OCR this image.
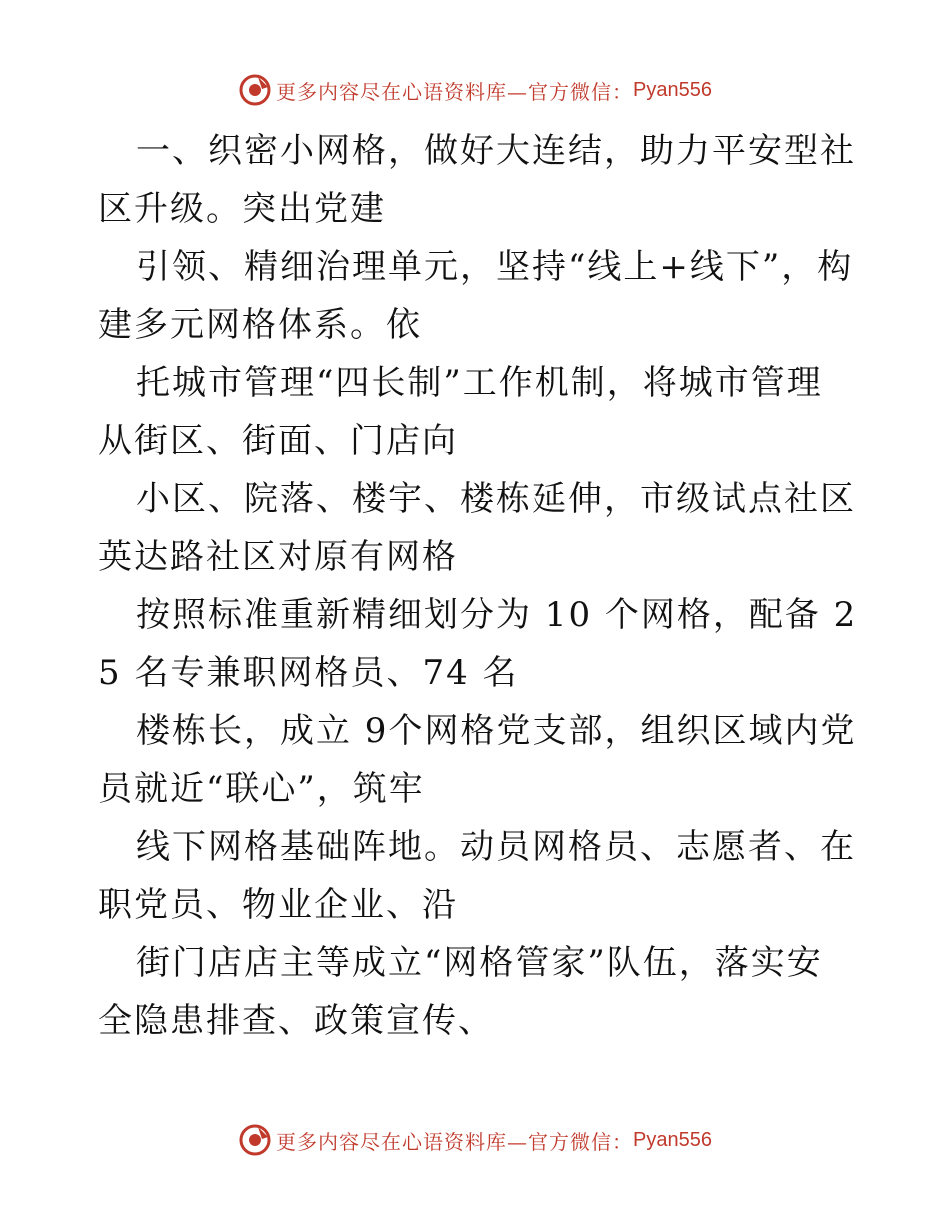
更多内容尽在心语资料库—官方微信： Pyan556

一、织密小网格，做好大连结，助力平安型社区升级。突出党建

引领、精细治理单元，坚持“线上+线下”，构建多元网格体系。依

托城市管理“四长制”工作机制，将城市管理从街区、街面、门店向

小区、院落、楼宇、楼栋延伸，市级试点社区英达路社区对原有网格

按照标准重新精细划分为 10 个网格，配备 25 名专兼职网格员、74 名

楼栋长，成立 9个网格党支部，组织区域内党员就近“联心”，筑牢

线下网格基础阵地。动员网格员、志愿者、在职党员、物业企业、沿

街门店店主等成立“网格管家”队伍，落实安全隐患排查、政策宣传、

更多内容尽在心语资料库—官方微信： Pyan556
